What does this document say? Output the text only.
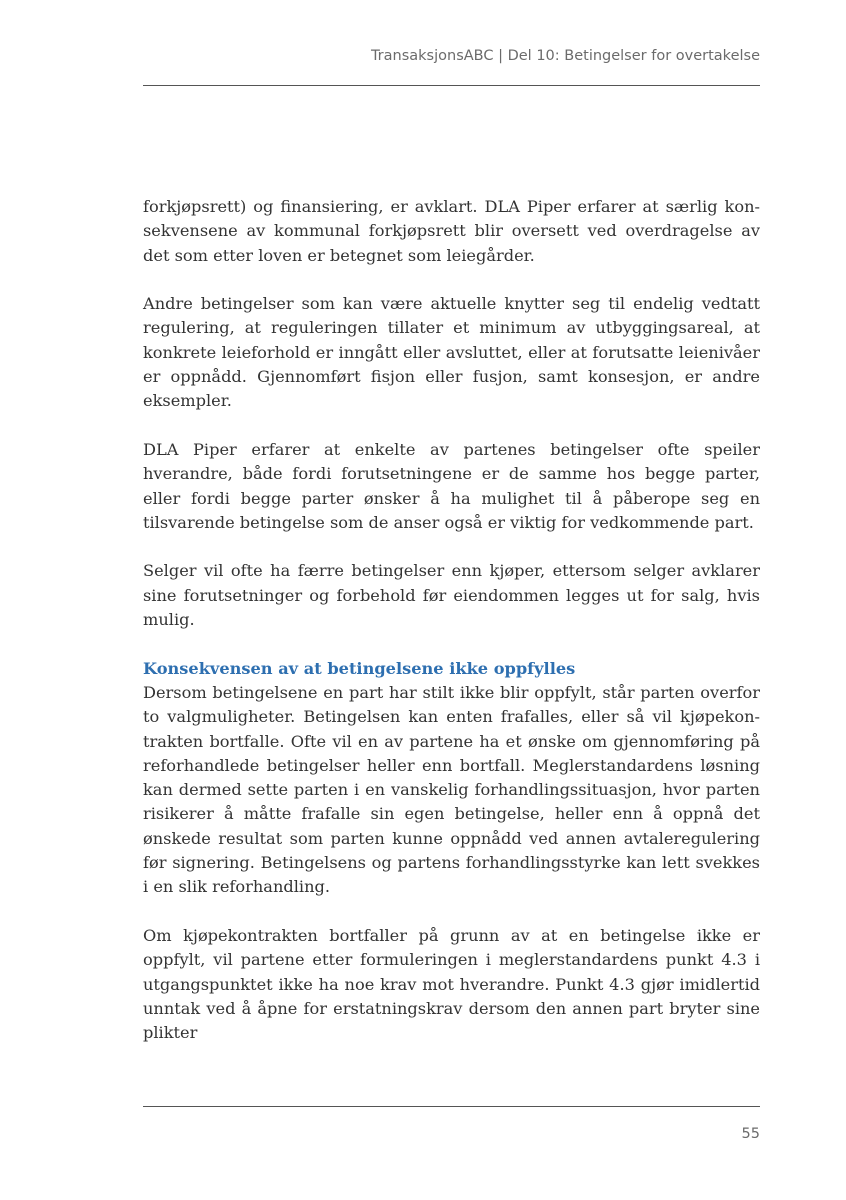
TransaksjonsABC | Del 10: Betingelser for overtakelse

forkjøpsrett) og finansiering, er avklart. DLA Piper erfarer at særlig konsekvensene av kommunal forkjøpsrett blir oversett ved overdragelse av det som etter loven er betegnet som leiegårder.

Andre betingelser som kan være aktuelle knytter seg til endelig vedtatt regulering, at reguleringen tillater et minimum av utbyggingsareal, at konkrete leieforhold er inngått eller avsluttet, eller at forutsatte leienivåer er oppnådd. Gjennomført fisjon eller fusjon, samt konsesjon, er andre eksempler.

DLA Piper erfarer at enkelte av partenes betingelser ofte speiler hverandre, både fordi forutsetningene er de samme hos begge parter, eller fordi begge parter ønsker å ha mulighet til å påberope seg en tilsvarende betingelse som de anser også er viktig for vedkommende part.

Selger vil ofte ha færre betingelser enn kjøper, ettersom selger avklarer sine forutsetninger og forbehold før eiendommen legges ut for salg, hvis mulig.

Konsekvensen av at betingelsene ikke oppfylles

Dersom betingelsene en part har stilt ikke blir oppfylt, står parten overfor to valgmuligheter. Betingelsen kan enten frafalles, eller så vil kjøpekontrakten bortfalle. Ofte vil en av partene ha et ønske om gjennomføring på reforhandlede betingelser heller enn bortfall. Meglerstandardens løsning kan dermed sette parten i en vanskelig forhandlingssituasjon, hvor parten risikerer å måtte frafalle sin egen betingelse, heller enn å oppnå det ønskede resultat som parten kunne oppnådd ved annen avtaleregulering før signering. Betingelsens og partens forhandlingsstyrke kan lett svekkes i en slik reforhandling.

Om kjøpekontrakten bortfaller på grunn av at en betingelse ikke er oppfylt, vil partene etter formuleringen i meglerstandardens punkt 4.3 i utgangspunktet ikke ha noe krav mot hverandre. Punkt 4.3 gjør imidlertid unntak ved å åpne for erstatningskrav dersom den annen part bryter sine plikter

55
